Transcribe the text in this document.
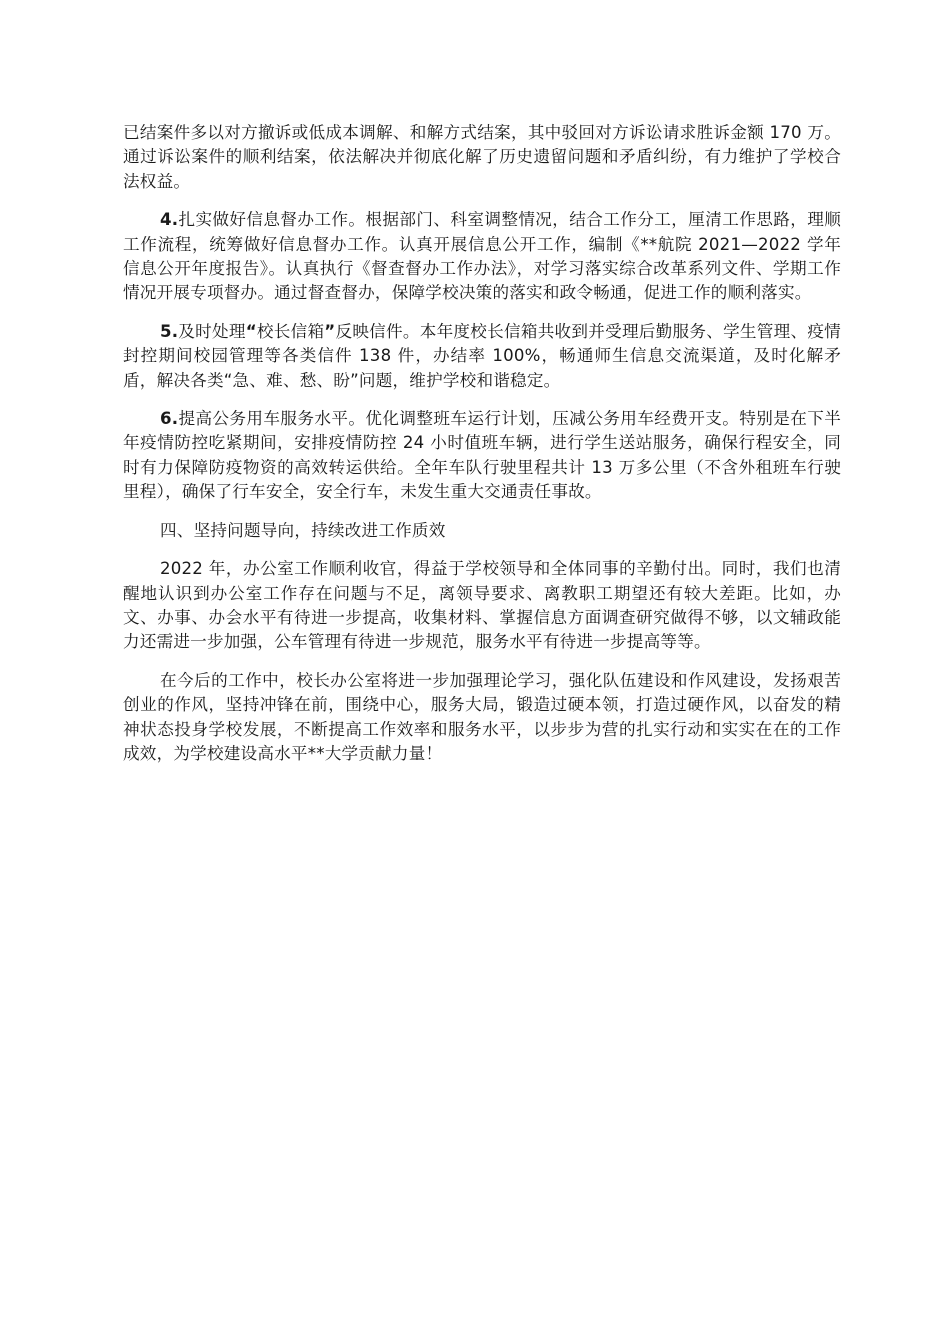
已结案件多以对方撤诉或低成本调解、和解方式结案，其中驳回对方诉讼请求胜诉金额 170 万。通过诉讼案件的顺利结案，依法解决并彻底化解了历史遗留问题和矛盾纠纷，有力维护了学校合法权益。

4.扎实做好信息督办工作。根据部门、科室调整情况，结合工作分工，厘清工作思路，理顺工作流程，统筹做好信息督办工作。认真开展信息公开工作，编制《**航院 2021—2022 学年信息公开年度报告》。认真执行《督查督办工作办法》，对学习落实综合改革系列文件、学期工作情况开展专项督办。通过督查督办，保障学校决策的落实和政令畅通，促进工作的顺利落实。

5.及时处理“校长信箱”反映信件。本年度校长信箱共收到并受理后勤服务、学生管理、疫情封控期间校园管理等各类信件 138 件，办结率 100%，畅通师生信息交流渠道，及时化解矛盾，解决各类“急、难、愁、盼”问题，维护学校和谐稳定。

6.提高公务用车服务水平。优化调整班车运行计划，压减公务用车经费开支。特别是在下半年疫情防控吃紧期间，安排疫情防控 24 小时值班车辆，进行学生送站服务，确保行程安全，同时有力保障防疫物资的高效转运供给。全年车队行驶里程共计 13 万多公里（不含外租班车行驶里程），确保了行车安全，安全行车，未发生重大交通责任事故。

四、坚持问题导向，持续改进工作质效

2022 年，办公室工作顺利收官，得益于学校领导和全体同事的辛勤付出。同时，我们也清醒地认识到办公室工作存在问题与不足，离领导要求、离教职工期望还有较大差距。比如，办文、办事、办会水平有待进一步提高，收集材料、掌握信息方面调查研究做得不够，以文辅政能力还需进一步加强，公车管理有待进一步规范，服务水平有待进一步提高等等。

在今后的工作中，校长办公室将进一步加强理论学习，强化队伍建设和作风建设，发扬艰苦创业的作风，坚持冲锋在前，围绕中心，服务大局，锻造过硬本领，打造过硬作风，以奋发的精神状态投身学校发展，不断提高工作效率和服务水平，以步步为营的扎实行动和实实在在的工作成效，为学校建设高水平**大学贡献力量！
